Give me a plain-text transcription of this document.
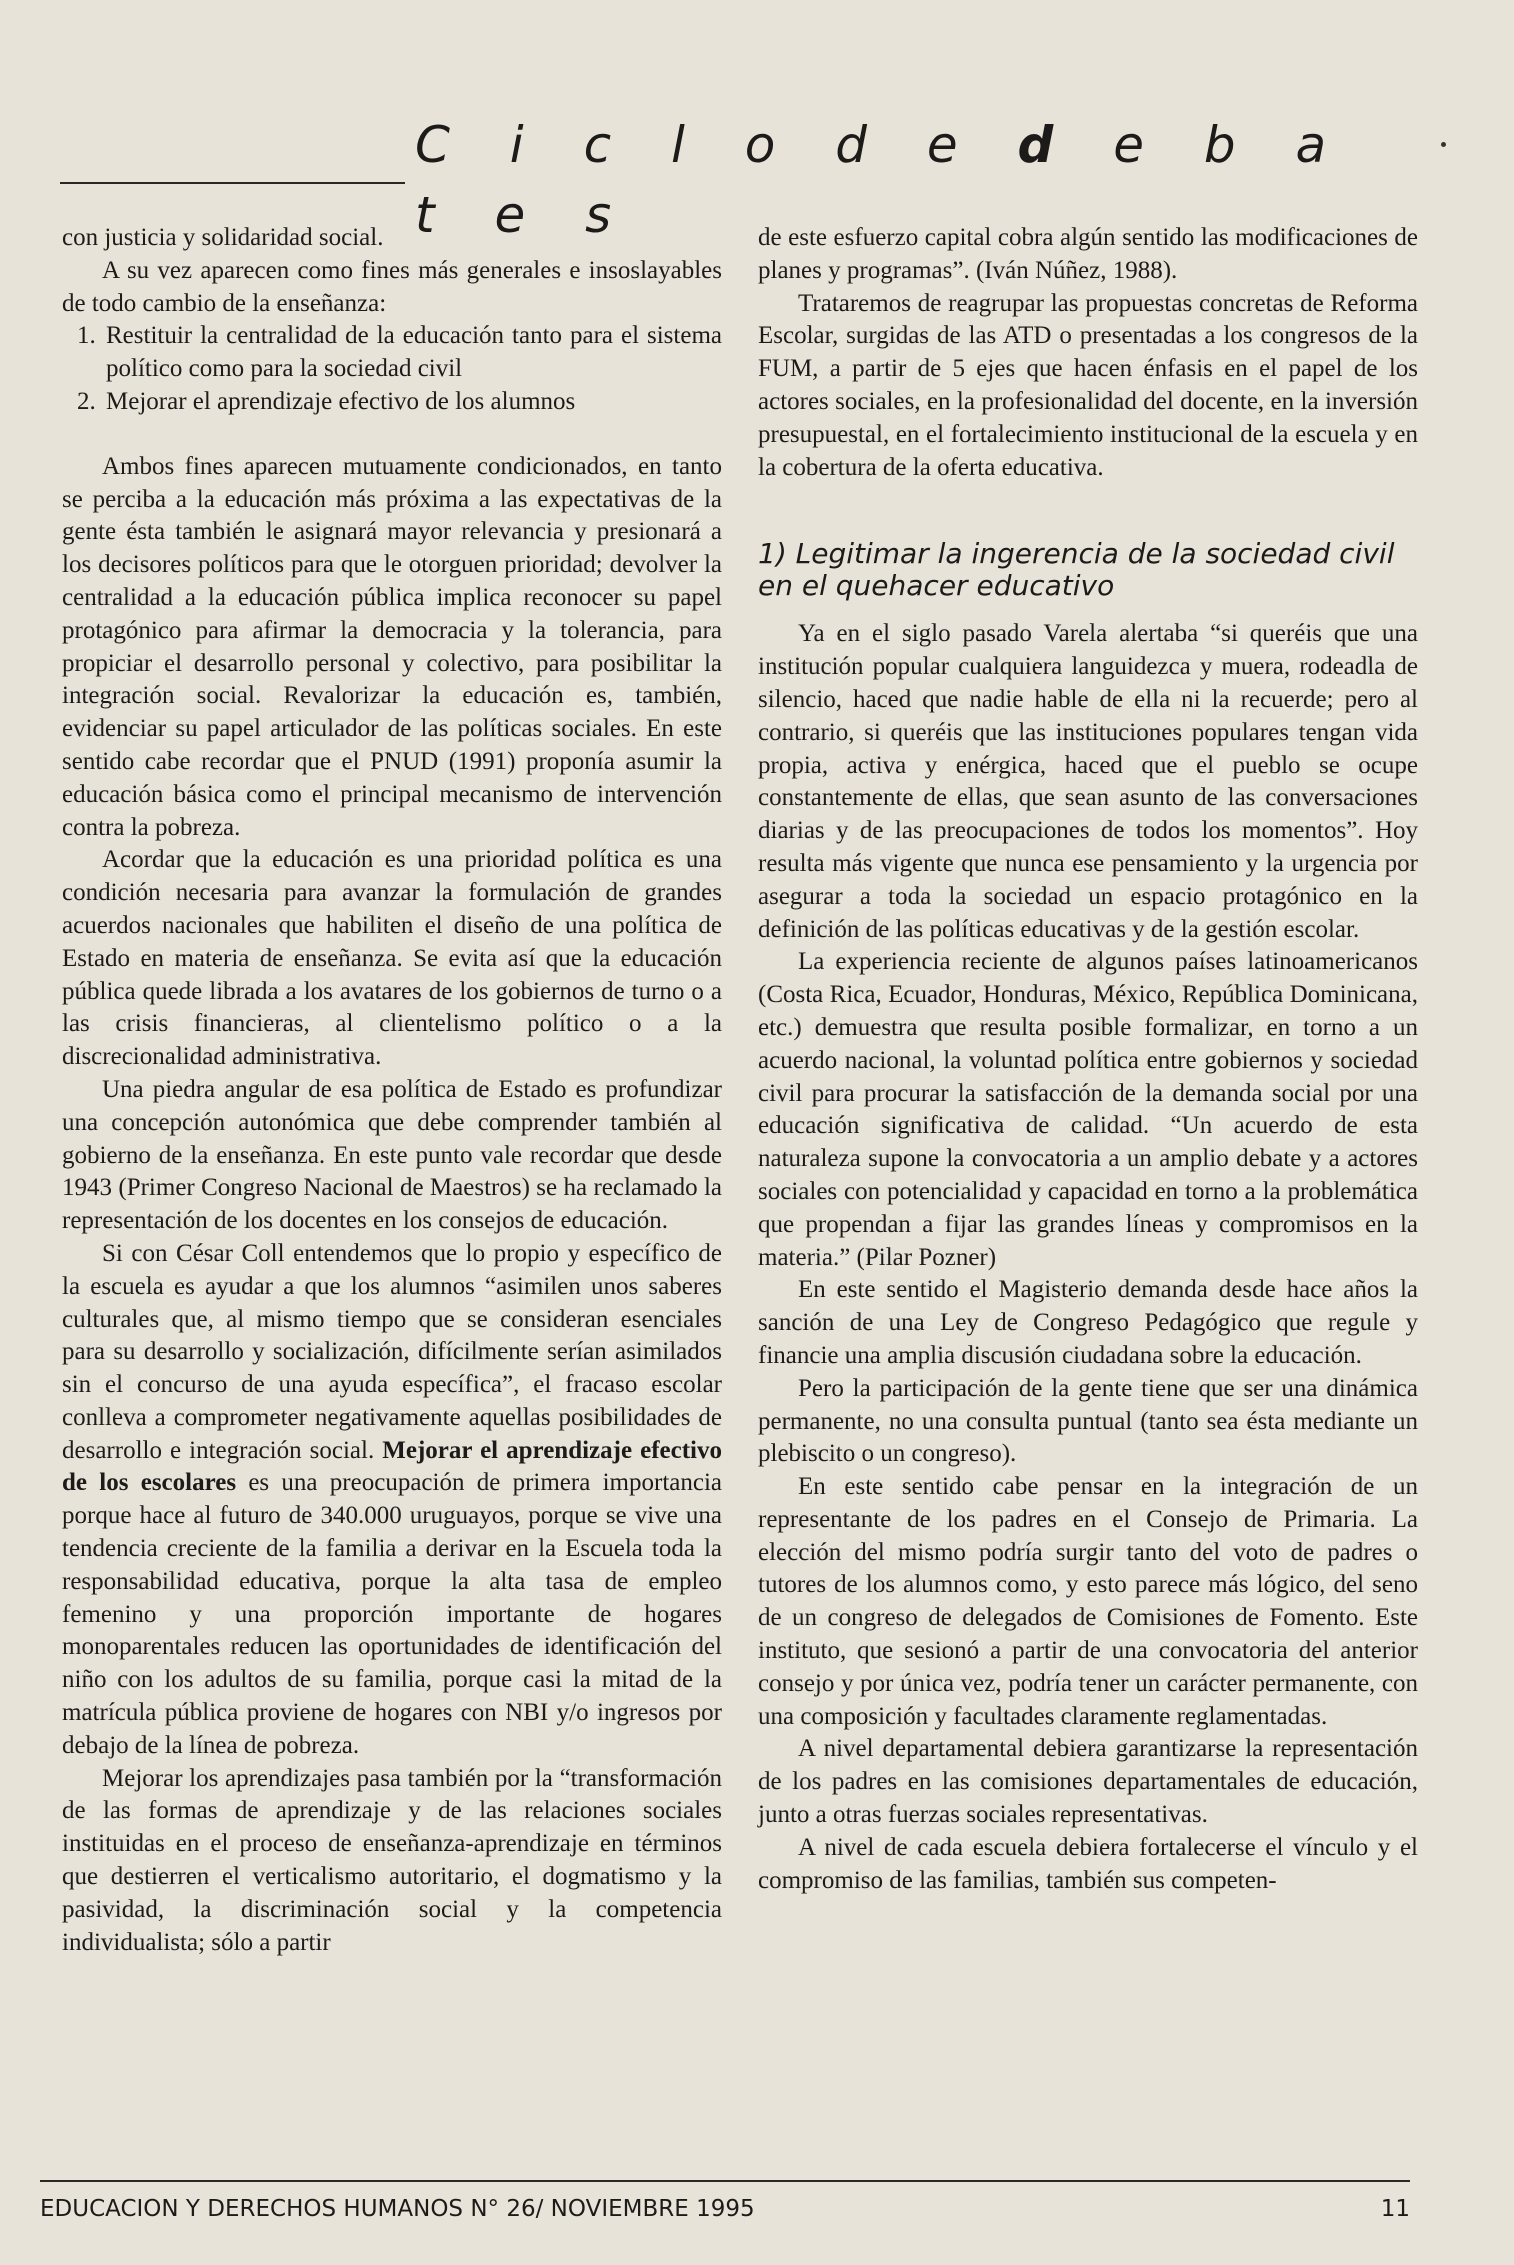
C i c l o d e d e b a t e s

con justicia y solidaridad social.

A su vez aparecen como fines más generales e insoslayables de todo cambio de la enseñanza:

1. Restituir la centralidad de la educación tanto para el sistema político como para la sociedad civil
2. Mejorar el aprendizaje efectivo de los alumnos

Ambos fines aparecen mutuamente condicionados, en tanto se perciba a la educación más próxima a las expectativas de la gente ésta también le asignará mayor relevancia y presionará a los decisores políticos para que le otorguen prioridad; devolver la centralidad a la educación pública implica reconocer su papel protagónico para afirmar la democracia y la tolerancia, para propiciar el desarrollo personal y colectivo, para posibilitar la integración social. Revalorizar la educación es, también, evidenciar su papel articulador de las políticas sociales. En este sentido cabe recordar que el PNUD (1991) proponía asumir la educación básica como el principal mecanismo de intervención contra la pobreza.

Acordar que la educación es una prioridad política es una condición necesaria para avanzar la formulación de grandes acuerdos nacionales que habiliten el diseño de una política de Estado en materia de enseñanza. Se evita así que la educación pública quede librada a los avatares de los gobiernos de turno o a las crisis financieras, al clientelismo político o a la discrecionalidad administrativa.

Una piedra angular de esa política de Estado es profundizar una concepción autonómica que debe comprender también al gobierno de la enseñanza. En este punto vale recordar que desde 1943 (Primer Congreso Nacional de Maestros) se ha reclamado la representación de los docentes en los consejos de educación.

Si con César Coll entendemos que lo propio y específico de la escuela es ayudar a que los alumnos “asimilen unos saberes culturales que, al mismo tiempo que se consideran esenciales para su desarrollo y socialización, difícilmente serían asimilados sin el concurso de una ayuda específica”, el fracaso escolar conlleva a comprometer negativamente aquellas posibilidades de desarrollo e integración social. Mejorar el aprendizaje efectivo de los escolares es una preocupación de primera importancia porque hace al futuro de 340.000 uruguayos, porque se vive una tendencia creciente de la familia a derivar en la Escuela toda la responsabilidad educativa, porque la alta tasa de empleo femenino y una proporción importante de hogares monoparentales reducen las oportunidades de identificación del niño con los adultos de su familia, porque casi la mitad de la matrícula pública proviene de hogares con NBI y/o ingresos por debajo de la línea de pobreza.

Mejorar los aprendizajes pasa también por la “transformación de las formas de aprendizaje y de las relaciones sociales instituidas en el proceso de enseñanza-aprendizaje en términos que destierren el verticalismo autoritario, el dogmatismo y la pasividad, la discriminación social y la competencia individualista; sólo a partir

de este esfuerzo capital cobra algún sentido las modificaciones de planes y programas”. (Iván Núñez, 1988).

Trataremos de reagrupar las propuestas concretas de Reforma Escolar, surgidas de las ATD o presentadas a los congresos de la FUM, a partir de 5 ejes que hacen énfasis en el papel de los actores sociales, en la profesionalidad del docente, en la inversión presupuestal, en el fortalecimiento institucional de la escuela y en la cobertura de la oferta educativa.

1) Legitimar la ingerencia de la sociedad civil en el quehacer educativo

Ya en el siglo pasado Varela alertaba “si queréis que una institución popular cualquiera languidezca y muera, rodeadla de silencio, haced que nadie hable de ella ni la recuerde; pero al contrario, si queréis que las instituciones populares tengan vida propia, activa y enérgica, haced que el pueblo se ocupe constantemente de ellas, que sean asunto de las conversaciones diarias y de las preocupaciones de todos los momentos”. Hoy resulta más vigente que nunca ese pensamiento y la urgencia por asegurar a toda la sociedad un espacio protagónico en la definición de las políticas educativas y de la gestión escolar.

La experiencia reciente de algunos países latinoamericanos (Costa Rica, Ecuador, Honduras, México, República Dominicana, etc.) demuestra que resulta posible formalizar, en torno a un acuerdo nacional, la voluntad política entre gobiernos y sociedad civil para procurar la satisfacción de la demanda social por una educación significativa de calidad. “Un acuerdo de esta naturaleza supone la convocatoria a un amplio debate y a actores sociales con potencialidad y capacidad en torno a la problemática que propendan a fijar las grandes líneas y compromisos en la materia.” (Pilar Pozner)

En este sentido el Magisterio demanda desde hace años la sanción de una Ley de Congreso Pedagógico que regule y financie una amplia discusión ciudadana sobre la educación.

Pero la participación de la gente tiene que ser una dinámica permanente, no una consulta puntual (tanto sea ésta mediante un plebiscito o un congreso).

En este sentido cabe pensar en la integración de un representante de los padres en el Consejo de Primaria. La elección del mismo podría surgir tanto del voto de padres o tutores de los alumnos como, y esto parece más lógico, del seno de un congreso de delegados de Comisiones de Fomento. Este instituto, que sesionó a partir de una convocatoria del anterior consejo y por única vez, podría tener un carácter permanente, con una composición y facultades claramente reglamentadas.

A nivel departamental debiera garantizarse la representación de los padres en las comisiones departamentales de educación, junto a otras fuerzas sociales representativas.

A nivel de cada escuela debiera fortalecerse el vínculo y el compromiso de las familias, también sus competen-

EDUCACION Y DERECHOS HUMANOS N° 26/ NOVIEMBRE 1995	11
